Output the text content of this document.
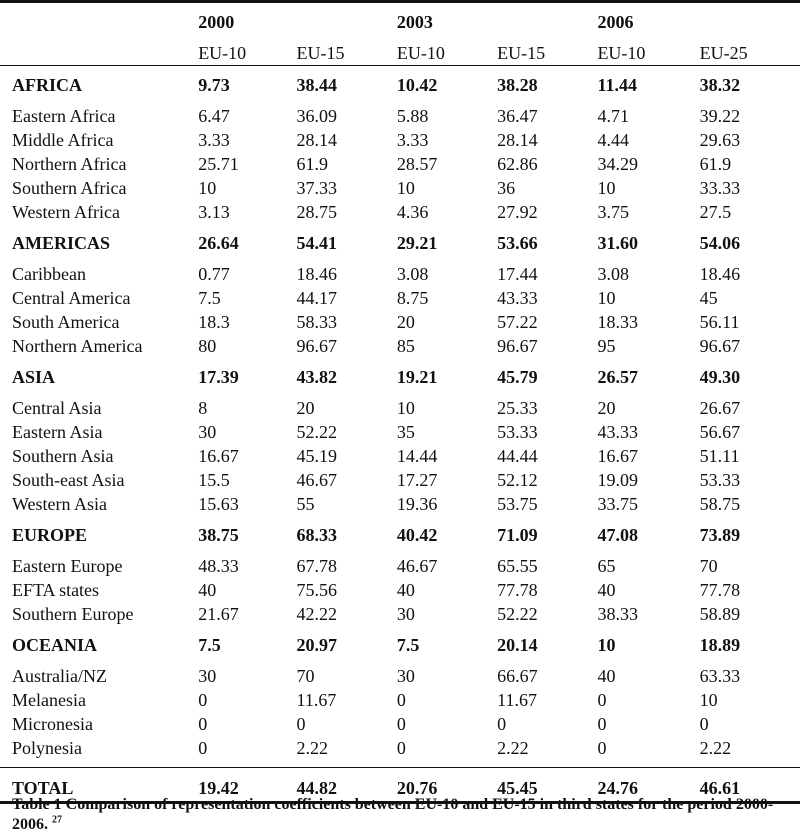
	2000		2003		2006	
	EU-10	EU-15	EU-10	EU-15	EU-10	EU-25

AFRICA	9.73	38.44	10.42	38.28	11.44	38.32

Eastern Africa	6.47	36.09	5.88	36.47	4.71	39.22
Middle Africa	3.33	28.14	3.33	28.14	4.44	29.63
Northern Africa	25.71	61.9	28.57	62.86	34.29	61.9
Southern Africa	10	37.33	10	36	10	33.33
Western Africa	3.13	28.75	4.36	27.92	3.75	27.5

AMERICAS	26.64	54.41	29.21	53.66	31.60	54.06

Caribbean	0.77	18.46	3.08	17.44	3.08	18.46
Central America	7.5	44.17	8.75	43.33	10	45
South America	18.3	58.33	20	57.22	18.33	56.11
Northern America	80	96.67	85	96.67	95	96.67

ASIA	17.39	43.82	19.21	45.79	26.57	49.30

Central Asia	8	20	10	25.33	20	26.67
Eastern Asia	30	52.22	35	53.33	43.33	56.67
Southern Asia	16.67	45.19	14.44	44.44	16.67	51.11
South-east Asia	15.5	46.67	17.27	52.12	19.09	53.33
Western Asia	15.63	55	19.36	53.75	33.75	58.75

EUROPE	38.75	68.33	40.42	71.09	47.08	73.89

Eastern Europe	48.33	67.78	46.67	65.55	65	70
EFTA states	40	75.56	40	77.78	40	77.78
Southern Europe	21.67	42.22	30	52.22	38.33	58.89

OCEANIA	7.5	20.97	7.5	20.14	10	18.89

Australia/NZ	30	70	30	66.67	40	63.33
Melanesia	0	11.67	0	11.67	0	10
Micronesia	0	0	0	0	0	0
Polynesia	0	2.22	0	2.22	0	2.22

TOTAL	19.42	44.82	20.76	45.45	24.76	46.61
Table 1 Comparison of representation coefficients between EU-10 and EU-15 in third states for the period 2000-2006. $^{27}$
